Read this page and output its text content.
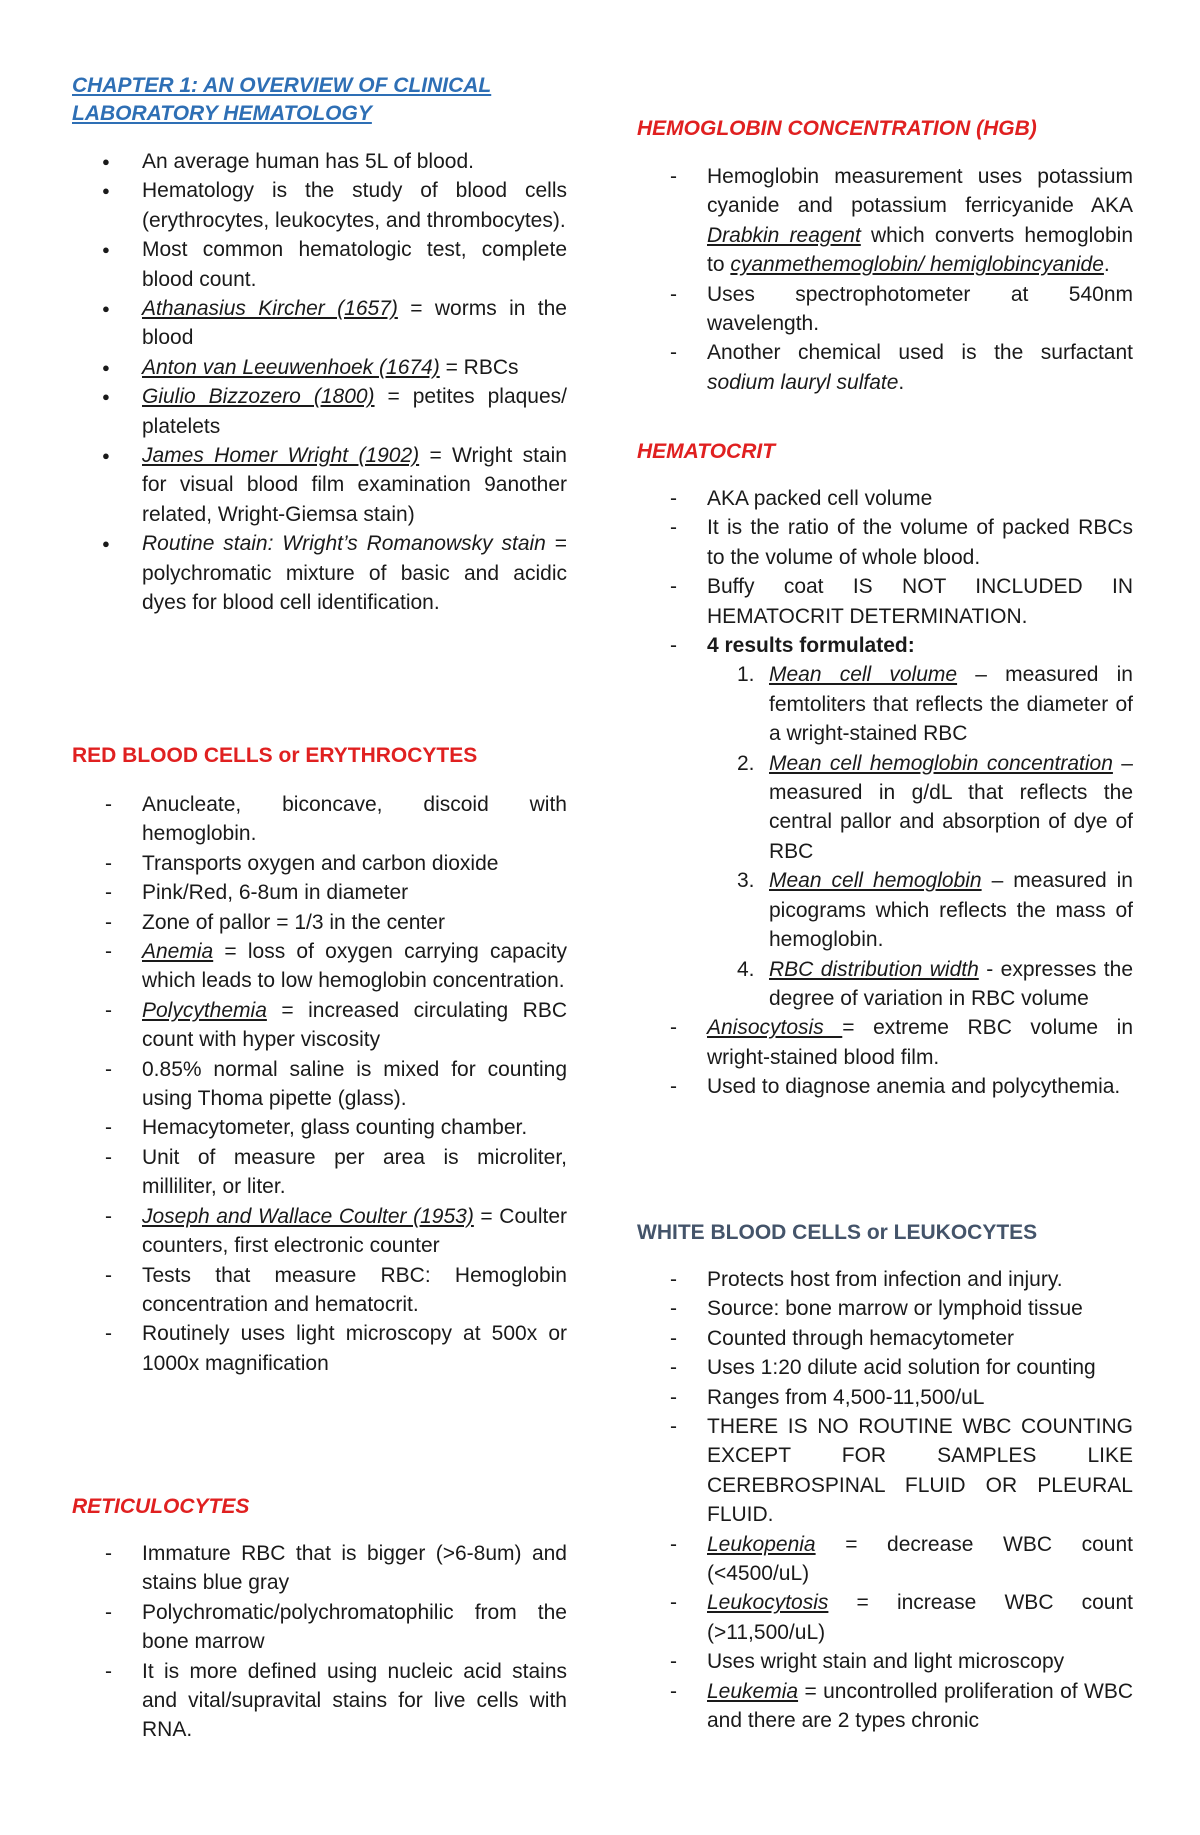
CHAPTER 1: AN OVERVIEW OF CLINICAL
LABORATORY HEMATOLOGY
● An average human has 5L of blood.
● Hematology is the study of blood cells (erythrocytes, leukocytes, and thrombocytes).
● Most common hematologic test, complete blood count.
● Athanasius Kircher (1657) = worms in the blood
● Anton van Leeuwenhoek (1674) = RBCs
● Giulio Bizzozero (1800) = petites plaques/ platelets
● James Homer Wright (1902) = Wright stain for visual blood film examination 9another related, Wright-Giemsa stain)
● Routine stain: Wright’s Romanowsky stain = polychromatic mixture of basic and acidic dyes for blood cell identification.
RED BLOOD CELLS or ERYTHROCYTES
- Anucleate, biconcave, discoid with hemoglobin.
- Transports oxygen and carbon dioxide
- Pink/Red, 6-8um in diameter
- Zone of pallor = 1/3 in the center
- Anemia = loss of oxygen carrying capacity which leads to low hemoglobin concentration.
- Polycythemia = increased circulating RBC count with hyper viscosity
- 0.85% normal saline is mixed for counting using Thoma pipette (glass).
- Hemacytometer, glass counting chamber.
- Unit of measure per area is microliter, milliliter, or liter.
- Joseph and Wallace Coulter (1953) = Coulter counters, first electronic counter
- Tests that measure RBC: Hemoglobin concentration and hematocrit.
- Routinely uses light microscopy at 500x or 1000x magnification
RETICULOCYTES
- Immature RBC that is bigger (>6-8um) and stains blue gray
- Polychromatic/polychromatophilic from the bone marrow
- It is more defined using nucleic acid stains and vital/supravital stains for live cells with RNA.
HEMOGLOBIN CONCENTRATION (HGB)
- Hemoglobin measurement uses potassium cyanide and potassium ferricyanide AKA Drabkin reagent which converts hemoglobin to cyanmethemoglobin/ hemiglobincyanide.
- Uses spectrophotometer at 540nm wavelength.
- Another chemical used is the surfactant sodium lauryl sulfate.
HEMATOCRIT
- AKA packed cell volume
- It is the ratio of the volume of packed RBCs to the volume of whole blood.
- Buffy coat IS NOT INCLUDED IN HEMATOCRIT DETERMINATION.
- 4 results formulated:
1. Mean cell volume – measured in femtoliters that reflects the diameter of a wright-stained RBC
2. Mean cell hemoglobin concentration – measured in g/dL that reflects the central pallor and absorption of dye of RBC
3. Mean cell hemoglobin – measured in picograms which reflects the mass of hemoglobin.
4. RBC distribution width - expresses the degree of variation in RBC volume
- Anisocytosis = extreme RBC volume in wright-stained blood film.
- Used to diagnose anemia and polycythemia.
WHITE BLOOD CELLS or LEUKOCYTES
- Protects host from infection and injury.
- Source: bone marrow or lymphoid tissue
- Counted through hemacytometer
- Uses 1:20 dilute acid solution for counting
- Ranges from 4,500-11,500/uL
- THERE IS NO ROUTINE WBC COUNTING EXCEPT FOR SAMPLES LIKE CEREBROSPINAL FLUID OR PLEURAL FLUID.
- Leukopenia = decrease WBC count (<4500/uL)
- Leukocytosis = increase WBC count (>11,500/uL)
- Uses wright stain and light microscopy
- Leukemia = uncontrolled proliferation of WBC and there are 2 types chronic
